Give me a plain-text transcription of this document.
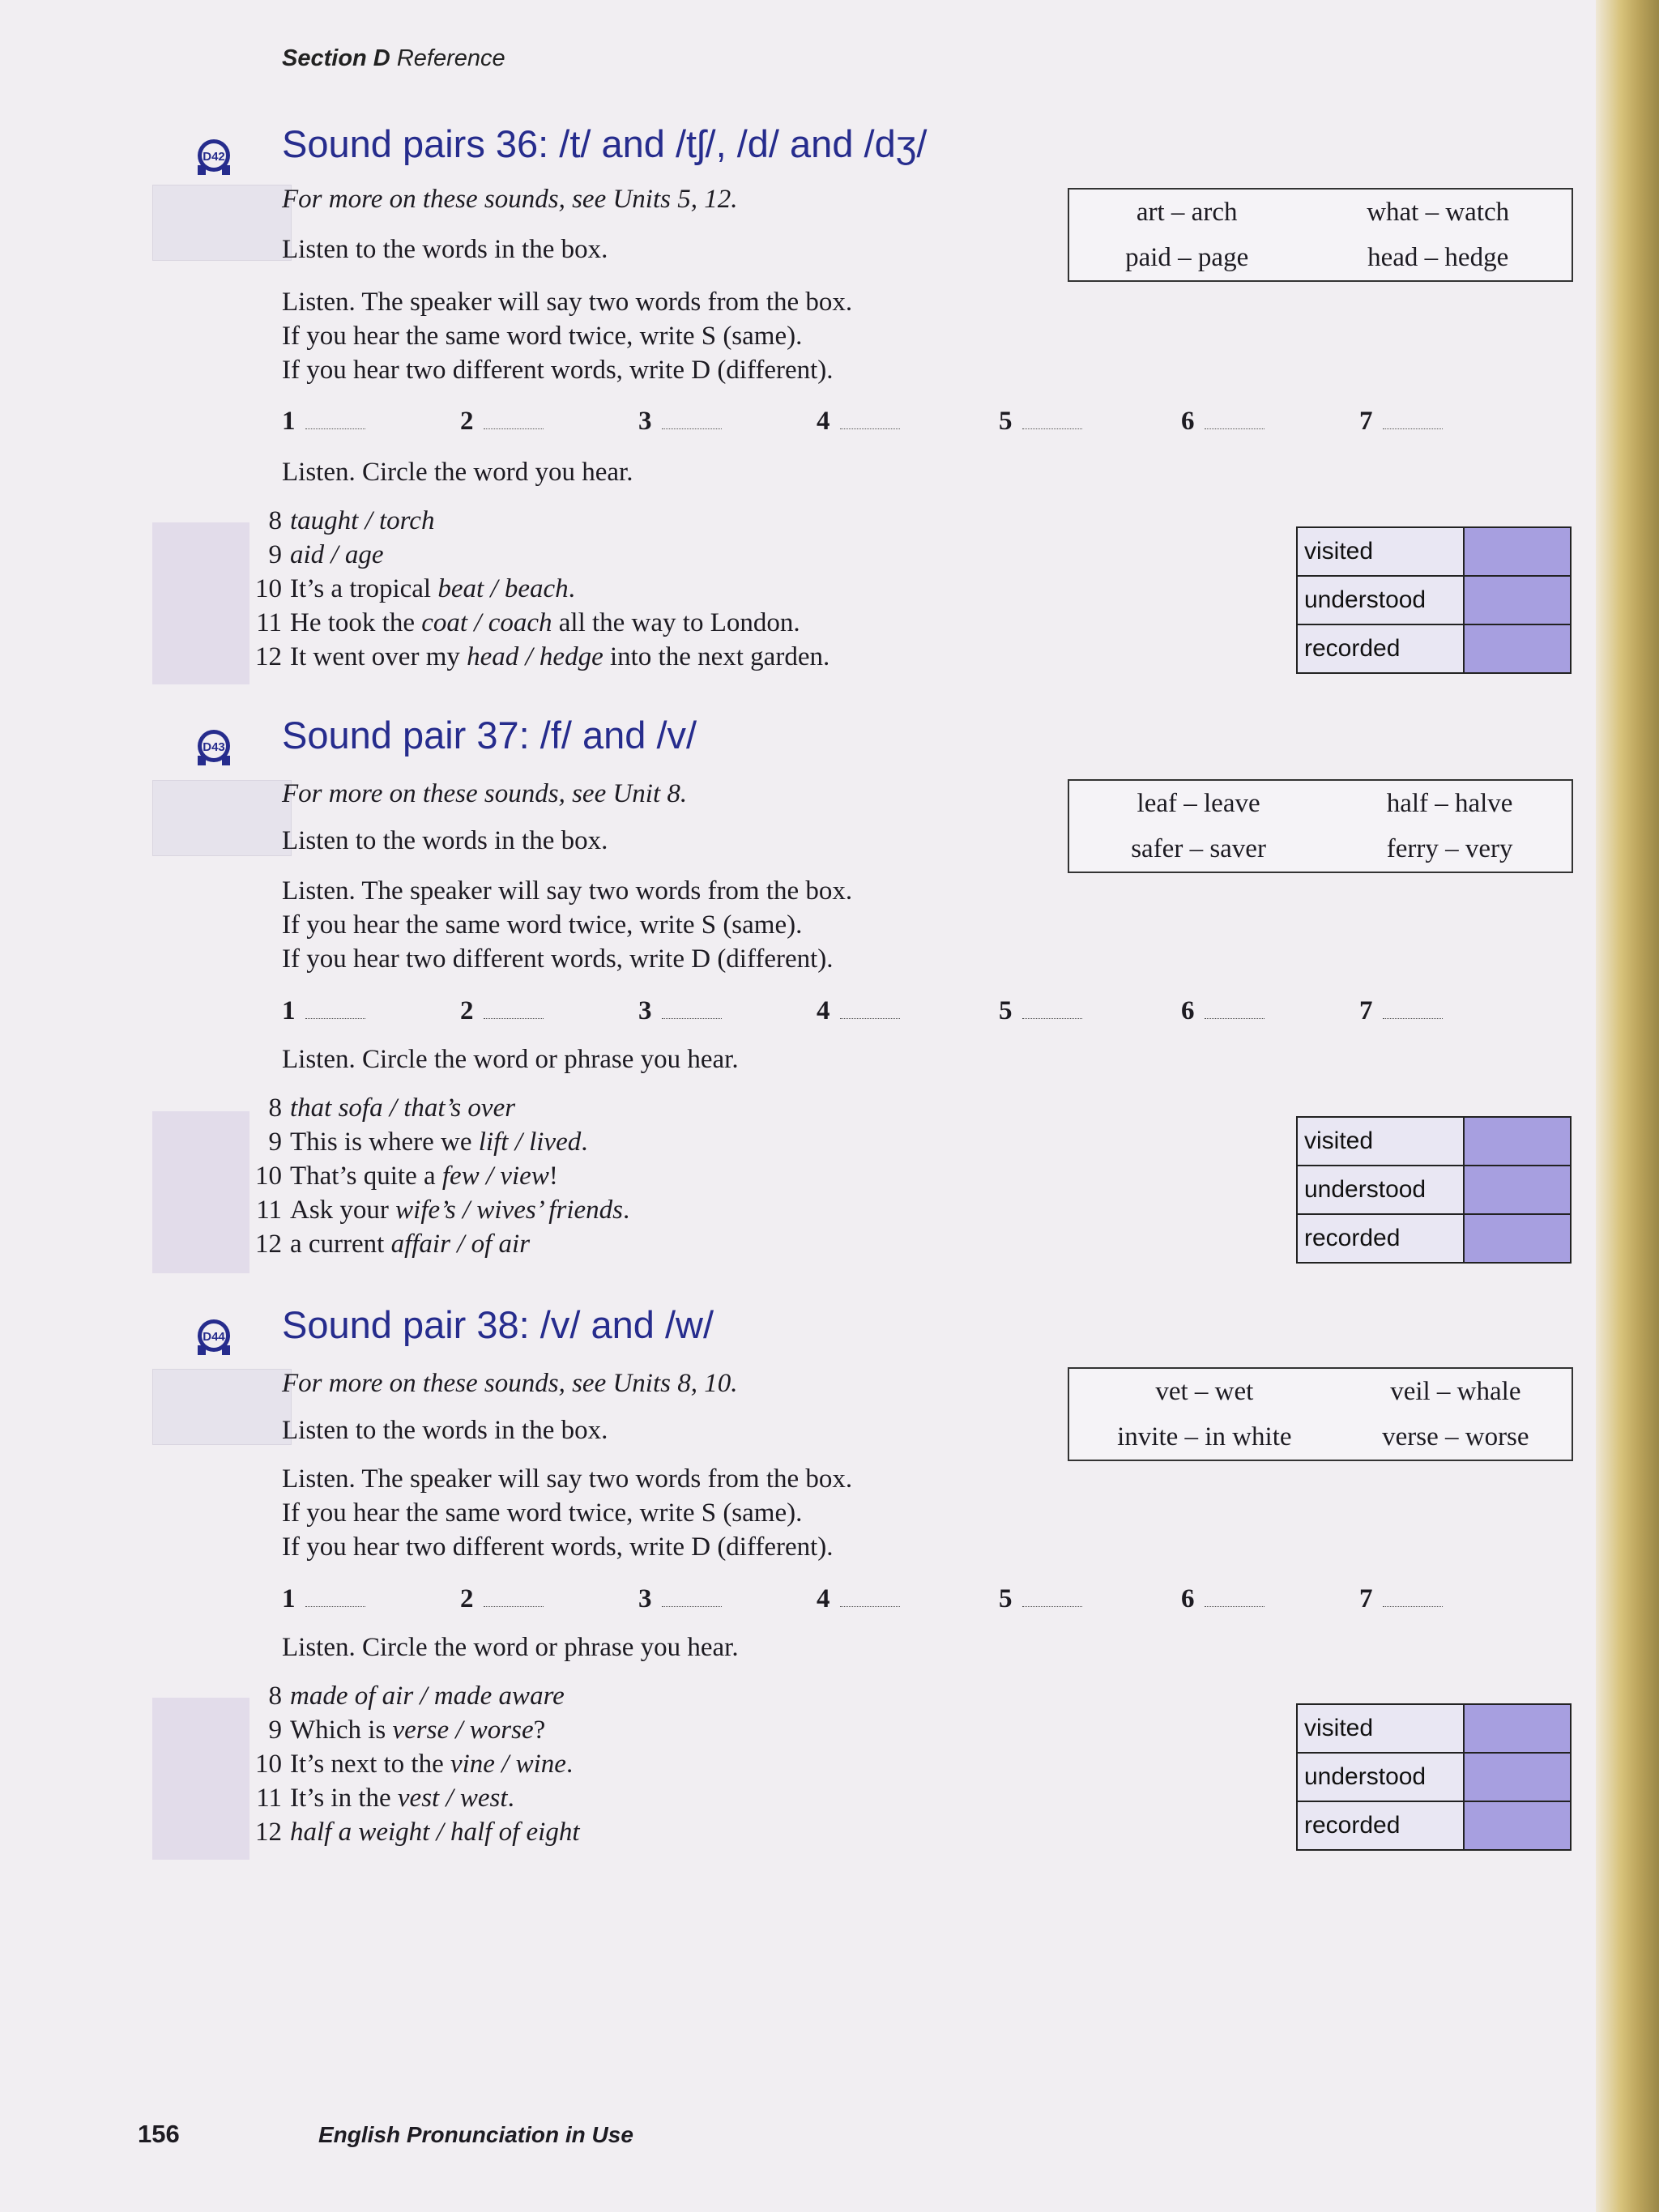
Section D Reference
D42 Sound pairs 36: /t/ and /tʃ/, /d/ and /dʒ/
For more on these sounds, see Units 5, 12.
Listen to the words in the box.
art – arch	what – watch
paid – page	head – hedge
Listen. The speaker will say two words from the box.
If you hear the same word twice, write S (same).
If you hear two different words, write D (different).
1	2	3	4	5	6	7
Listen. Circle the word you hear.
8 taught / torch
9 aid / age
10 It’s a tropical beat / beach.
11 He took the coat / coach all the way to London.
12 It went over my head / hedge into the next garden.
visited	
understood	
recorded	
D43 Sound pair 37: /f/ and /v/
For more on these sounds, see Unit 8.
Listen to the words in the box.
leaf – leave	half – halve
safer – saver	ferry – very
Listen. The speaker will say two words from the box.
If you hear the same word twice, write S (same).
If you hear two different words, write D (different).
1	2	3	4	5	6	7
Listen. Circle the word or phrase you hear.
8 that sofa / that’s over
9 This is where we lift / lived.
10 That’s quite a few / view!
11 Ask your wife’s / wives’ friends.
12 a current affair / of air
visited	
understood	
recorded	
D44 Sound pair 38: /v/ and /w/
For more on these sounds, see Units 8, 10.
Listen to the words in the box.
vet – wet	veil – whale
invite – in white	verse – worse
Listen. The speaker will say two words from the box.
If you hear the same word twice, write S (same).
If you hear two different words, write D (different).
1	2	3	4	5	6	7
Listen. Circle the word or phrase you hear.
8 made of air / made aware
9 Which is verse / worse?
10 It’s next to the vine / wine.
11 It’s in the vest / west.
12 half a weight / half of eight
visited	
understood	
recorded	
156	English Pronunciation in Use
